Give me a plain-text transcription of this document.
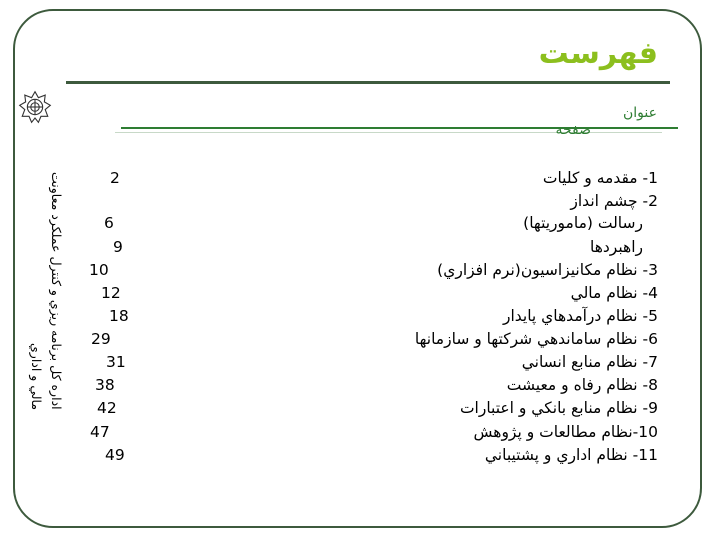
فهرست
عنوان
صفحه
اداره كل برنامه ريزي و كنترل عملكرد معاونت مالي و اداري
1- مقدمه و كليات
2
2- چشم انداز
رسالت (ماموريتها)
6
راهبردها
9
3- نظام مكانيزاسيون(نرم افزاري)
10
4- نظام مالي
12
5- نظام درآمدهاي پايدار
18
6- نظام ساماندهي شركتها و سازمانها
29
7- نظام منابع انساني
31
8- نظام رفاه و معيشت
38
9- نظام منابع بانكي و اعتبارات
42
10-نظام مطالعات و پژوهش
47
11- نظام اداري و پشتيباني
49
